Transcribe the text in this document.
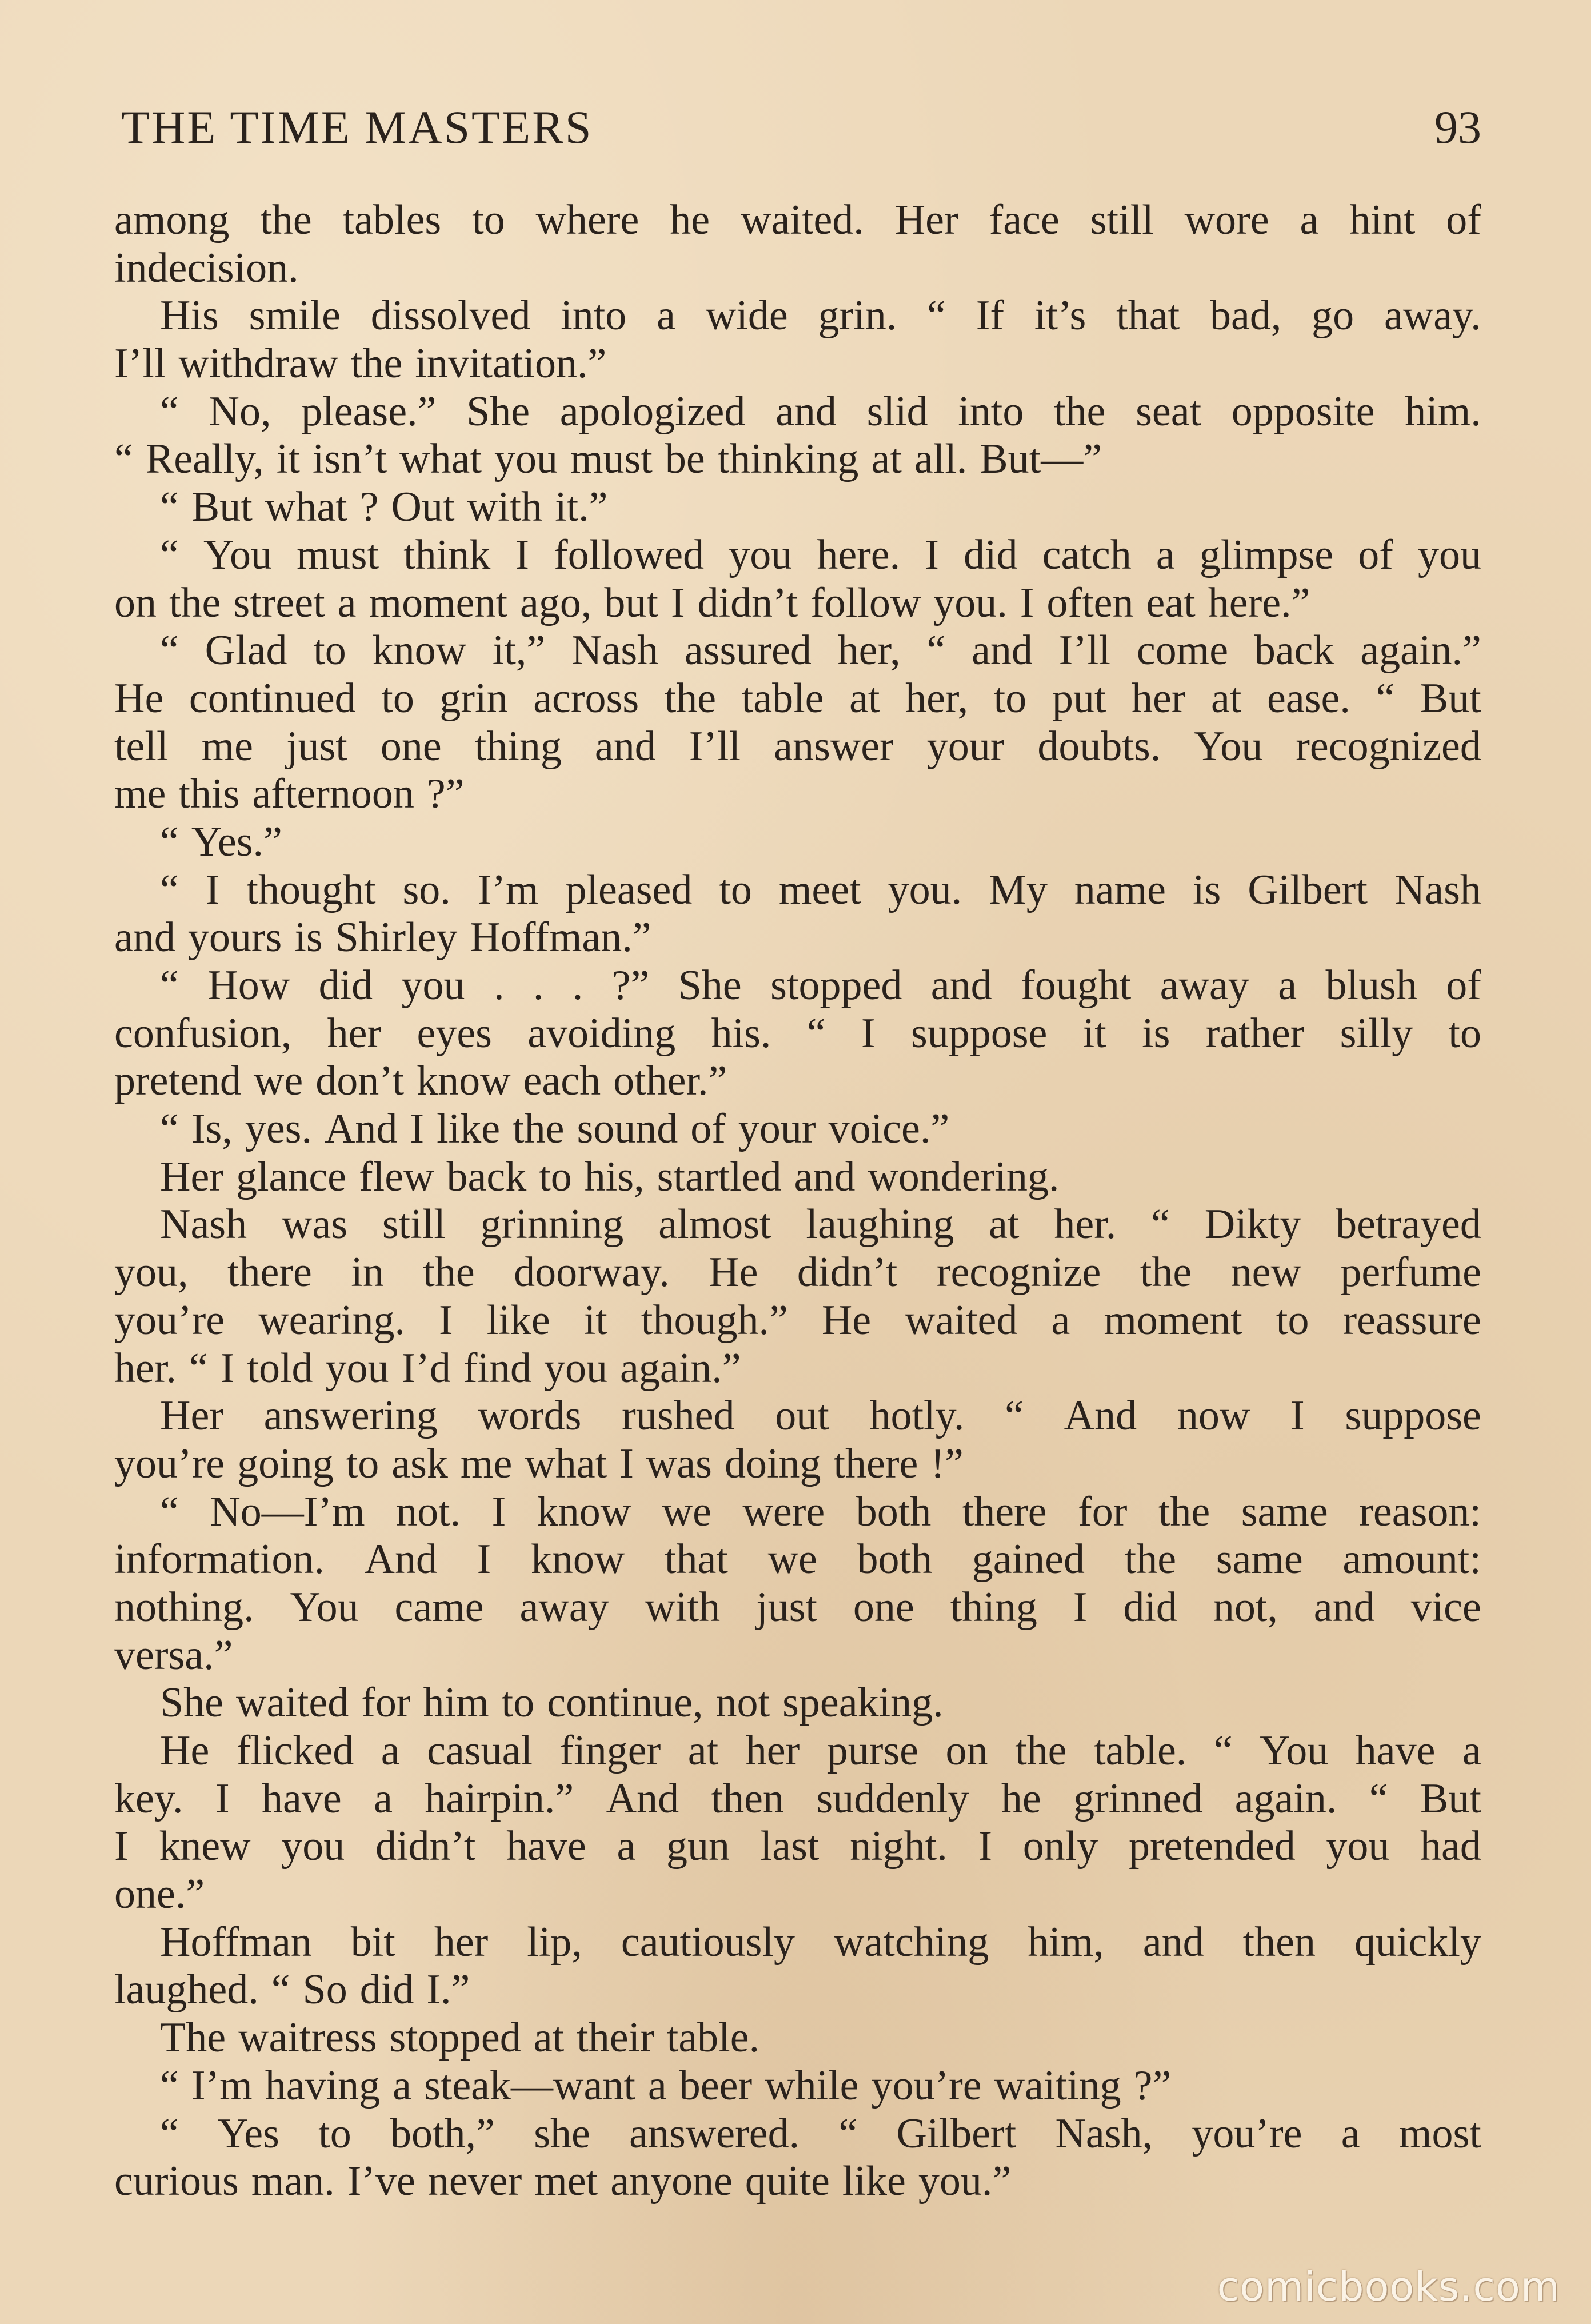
THE TIME MASTERS	93
among the tables to where he waited. Her face still wore a hint of
indecision.
His smile dissolved into a wide grin. “ If it’s that bad, go away.
I’ll withdraw the invitation.”
“ No, please.” She apologized and slid into the seat opposite him.
“ Really, it isn’t what you must be thinking at all. But—”
“ But what ? Out with it.”
“ You must think I followed you here. I did catch a glimpse of you
on the street a moment ago, but I didn’t follow you. I often eat here.”
“ Glad to know it,” Nash assured her, “ and I’ll come back again.”
He continued to grin across the table at her, to put her at ease. “ But
tell me just one thing and I’ll answer your doubts. You recognized
me this afternoon ?”
“ Yes.”
“ I thought so. I’m pleased to meet you. My name is Gilbert Nash
and yours is Shirley Hoffman.”
“ How did you . . . ?” She stopped and fought away a blush of
confusion, her eyes avoiding his. “ I suppose it is rather silly to
pretend we don’t know each other.”
“ Is, yes. And I like the sound of your voice.”
Her glance flew back to his, startled and wondering.
Nash was still grinning almost laughing at her. “ Dikty betrayed
you, there in the doorway. He didn’t recognize the new perfume
you’re wearing. I like it though.” He waited a moment to reassure
her. “ I told you I’d find you again.”
Her answering words rushed out hotly. “ And now I suppose
you’re going to ask me what I was doing there !”
“ No—I’m not. I know we were both there for the same reason:
information. And I know that we both gained the same amount:
nothing. You came away with just one thing I did not, and vice
versa.”
She waited for him to continue, not speaking.
He flicked a casual finger at her purse on the table. “ You have a
key. I have a hairpin.” And then suddenly he grinned again. “ But
I knew you didn’t have a gun last night. I only pretended you had
one.”
Hoffman bit her lip, cautiously watching him, and then quickly
laughed. “ So did I.”
The waitress stopped at their table.
“ I’m having a steak—want a beer while you’re waiting ?”
“ Yes to both,” she answered. “ Gilbert Nash, you’re a most
curious man. I’ve never met anyone quite like you.”
comicbooks.com
